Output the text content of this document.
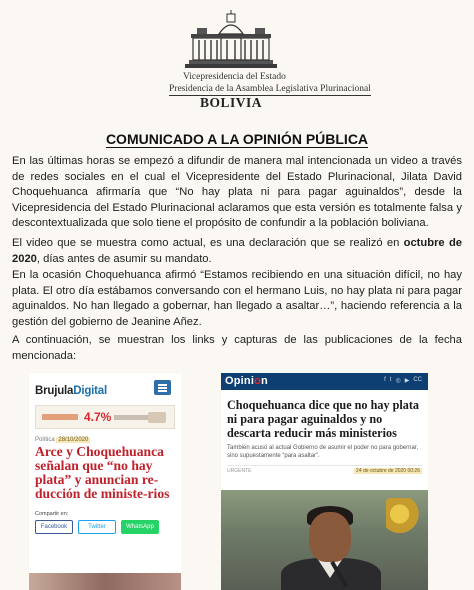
Vicepresidencia del Estado
Presidencia de la Asamblea Legislativa Plurinacional
BOLIVIA
COMUNICADO A LA OPINIÓN PÚBLICA

En las últimas horas se empezó a difundir de manera mal intencionada un video a través de redes sociales en el cual el Vicepresidente del Estado Plurinacional, Jilata David Choquehuanca afirmaría que “No hay plata ni para pagar aguinaldos”, desde la Vicepresidencia del Estado Plurinacional aclaramos que esta versión es totalmente falsa y descontextualizada que solo tiene el propósito de confundir a la población boliviana.

El video que se muestra como actual, es una declaración que se realizó en octubre de 2020, días antes de asumir su mandato.

En la ocasión Choquehuanca afirmó “Estamos recibiendo en una situación difícil, no hay plata. El otro día estábamos conversando con el hermano Luis, no hay plata ni para pagar aguinaldos. No han llegado a gobernar, han llegado a asaltar…”, haciendo referencia a la gestión del gobierno de Jeanine Añez.

A continuación, se muestran los links y capturas de las publicaciones de la fecha mencionada:

BrujulaDigital
4.7%
Política 28/10/2020
Arce y Choquehuanca señalan que “no hay plata” y anuncian re-ducción de ministe-rios
Compartir en:
Facebook	Twitter	WhatsApp
Opinion	f t ◎ ▶ CC
Choquehuanca dice que no hay plata ni para pagar aguinaldos y no descarta reducir más ministerios
También acusó al actual Gobierno de asumir el poder no para gobernar, sino supuestamente “para asaltar”.
URGENTE	24 de octubre de 2020 00:26
